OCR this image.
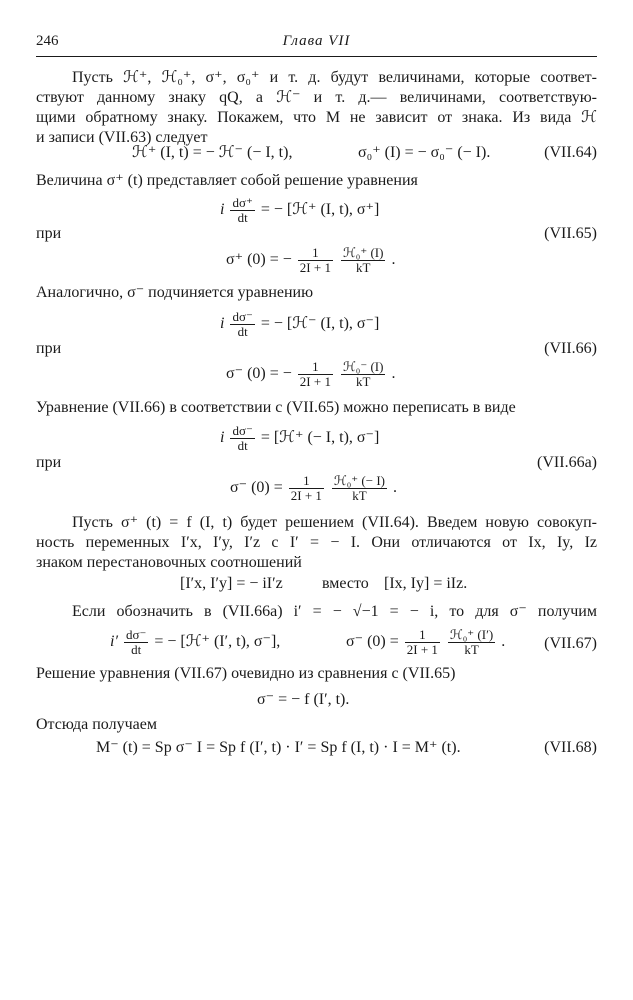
246	Глава VII
Пусть ℋ⁺, ℋ₀⁺, σ⁺, σ₀⁺ и т. д. будут величинами, которые соответ-
ствуют данному знаку qQ, а ℋ⁻ и т. д.— величинами, соответствую-
щими обратному знаку. Покажем, что M не зависит от знака. Из вида ℋ
и записи (VII.63) следует
ℋ⁺ (I, t) = − ℋ⁻ (− I, t),	σ₀⁺ (I) = − σ₀⁻ (− I).	(VII.64)
Величина σ⁺ (t) представляет собой решение уравнения
i $\frac{d\sigma^+}{dt}$ = − [ℋ⁺ (I, t), σ⁺]
при	(VII.65)
σ⁺ (0) = − $\frac{1}{2I + 1}$
$\frac{\text{ℋ₀⁺ (I)}}{kT}$ .
Аналогично, σ⁻ подчиняется уравнению
i $\frac{d\sigma^-}{dt}$ = − [ℋ⁻ (I, t), σ⁻]
при	(VII.66)
σ⁻ (0) = − $\frac{1}{2I + 1}$
$\frac{\text{ℋ₀⁻ (I)}}{kT}$ .
Уравнение (VII.66) в соответствии с (VII.65) можно переписать в виде
i $\frac{d\sigma^-}{dt}$ = [ℋ⁺ (− I, t), σ⁻]
при	(VII.66a)
σ⁻ $(0) = \frac{1}{2I + 1}$
$\frac{\text{ℋ₀⁺ (− I)}}{kT}$ .
Пусть σ⁺ (t) = f (I, t) будет решением (VII.64). Введем новую совокуп-
ность переменных I′x, I′y, I′z с I′ = − I. Они отличаются от Ix, Iy, Iz
знаком перестановочных соотношений
[I′x, I′y] = − iI′z вместо [Ix, Iy] = iIz.
Если обозначить в (VII.66a) i′ = − √−1 = − i, то для σ⁻ получим
$i' \frac{d\sigma^-}{dt}$ = − [ℋ⁺ (I′, t), σ⁻],	σ⁻ $(0) = \frac{1}{2I + 1}$
$\frac{\text{ℋ₀⁺ (I′)}}{kT}$ . (VII.67)
Решение уравнения (VII.67) очевидно из сравнения с (VII.65)
σ⁻ = − f (I′, t).
Отсюда получаем
M⁻ (t) = Sp σ⁻ I = Sp f (I′, t) · I′ = Sp f (I, t) · I = M⁺ (t).	(VII.68)
